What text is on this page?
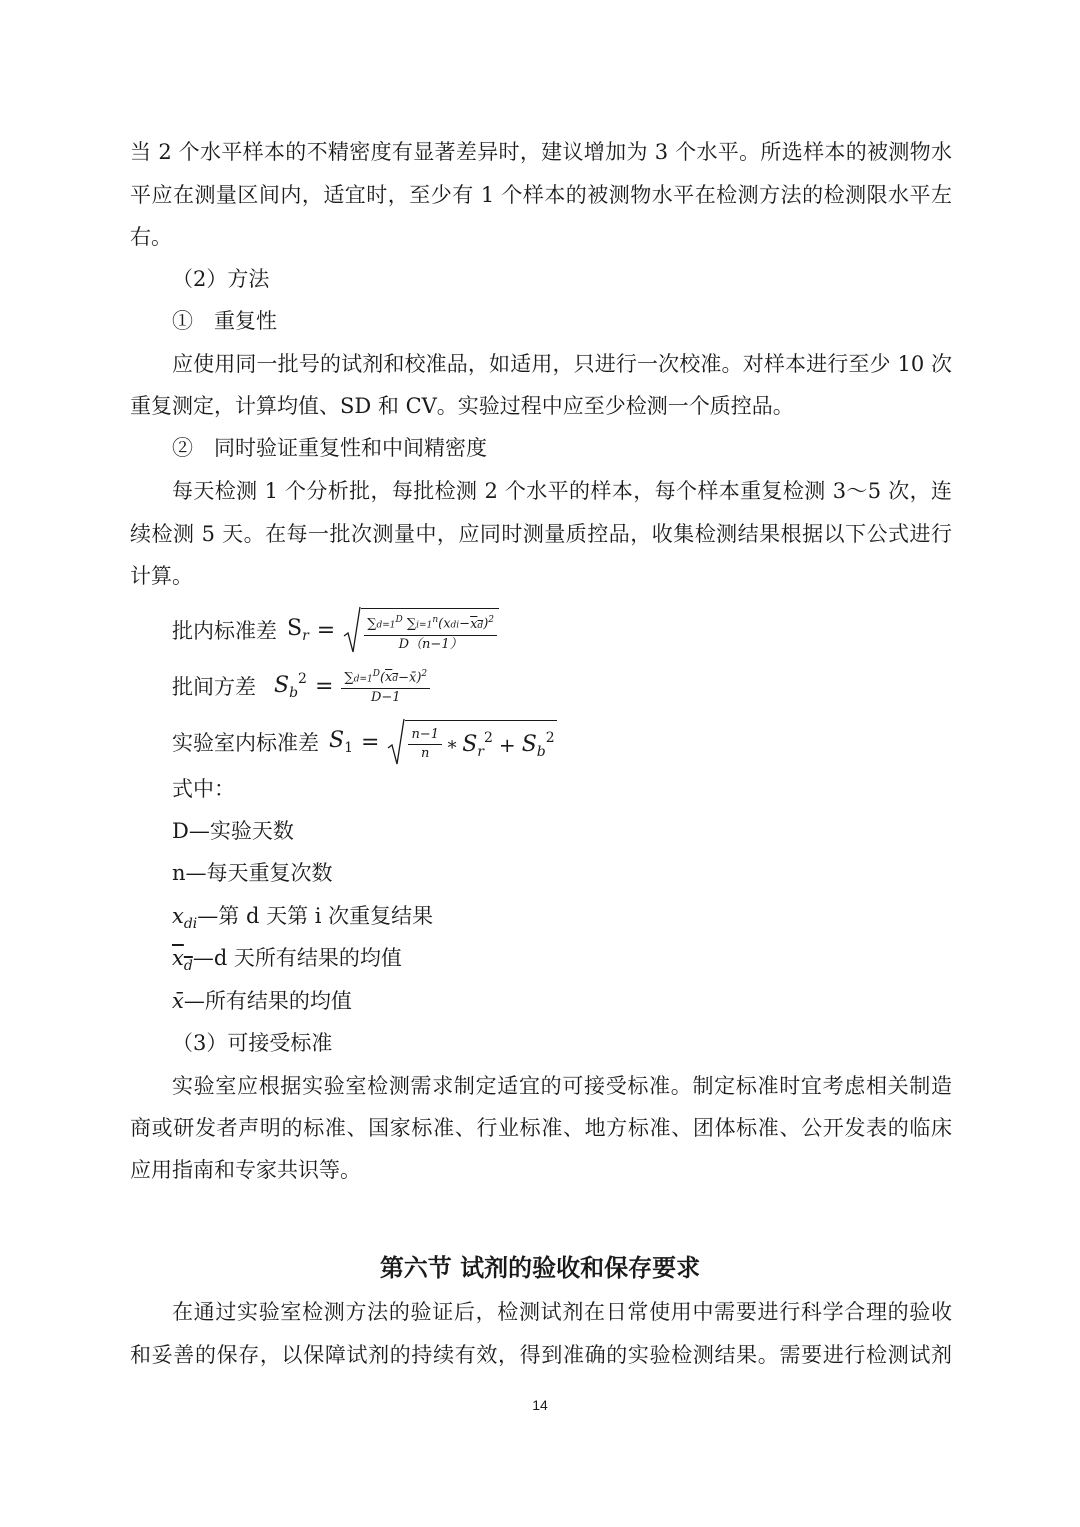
当 2 个水平样本的不精密度有显著差异时，建议增加为 3 个水平。所选样本的被测物水
平应在测量区间内，适宜时，至少有 1 个样本的被测物水平在检测方法的检测限水平左
右。
（2）方法
①　重复性
应使用同一批号的试剂和校准品，如适用，只进行一次校准。对样本进行至少 10 次
重复测定，计算均值、SD 和 CV。实验过程中应至少检测一个质控品。
②　同时验证重复性和中间精密度
每天检测 1 个分析批，每批检测 2 个水平的样本，每个样本重复检测 3～5 次，连
续检测 5 天。在每一批次测量中，应同时测量质控品，收集检测结果根据以下公式进行
计算。
批内标准差 $S_r = \frac{\sum d=1^D \sum i=1^n(xdi-xd)^2}{D(n-1)}$
批间方差 $S_b^2 = \frac{\sum d=1^D(xd-x̄̄)^2}{D-1}$
实验室内标准差 $S_1 = \frac{n-1}{n}$ ∗ $S_r^2 + S_b^2$
式中：
D—实验天数
n—每天重复次数
$x_{di}—$第 d 天第 i 次重复结果
$x_d—d$ 天所有结果的均值
x̄̄—所有结果的均值
（3）可接受标准
实验室应根据实验室检测需求制定适宜的可接受标准。制定标准时宜考虑相关制造
商或研发者声明的标准、国家标准、行业标准、地方标准、团体标准、公开发表的临床
应用指南和专家共识等。
第六节 试剂的验收和保存要求
在通过实验室检测方法的验证后，检测试剂在日常使用中需要进行科学合理的验收
和妥善的保存，以保障试剂的持续有效，得到准确的实验检测结果。需要进行检测试剂
14
